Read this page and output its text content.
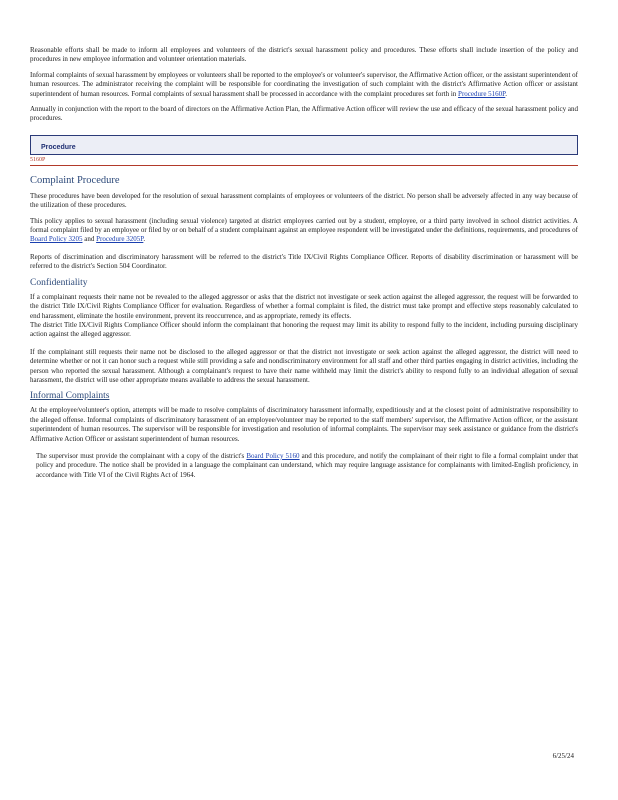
Reasonable efforts shall be made to inform all employees and volunteers of the district's sexual harassment policy and procedures. These efforts shall include insertion of the policy and procedures in new employee information and volunteer orientation materials.

Informal complaints of sexual harassment by employees or volunteers shall be reported to the employee's or volunteer's supervisor, the Affirmative Action officer, or the assistant superintendent of human resources. The administrator receiving the complaint will be responsible for coordinating the investigation of such complaint with the district's Affirmative Action officer or assistant superintendent of human resources. Formal complaints of sexual harassment shall be processed in accordance with the complaint procedures set forth in Procedure 5160P.

Annually in conjunction with the report to the board of directors on the Affirmative Action Plan, the Affirmative Action officer will review the use and efficacy of the sexual harassment policy and procedures.

Procedure
5160P
Complaint Procedure

These procedures have been developed for the resolution of sexual harassment complaints of employees or volunteers of the district. No person shall be adversely affected in any way because of the utilization of these procedures.

This policy applies to sexual harassment (including sexual violence) targeted at district employees carried out by a student, employee, or a third party involved in school district activities. A formal complaint filed by an employee or filed by or on behalf of a student complainant against an employee respondent will be investigated under the definitions, requirements, and procedures of Board Policy 3205 and Procedure 3205P.

Reports of discrimination and discriminatory harassment will be referred to the district's Title IX/Civil Rights Compliance Officer. Reports of disability discrimination or harassment will be referred to the district's Section 504 Coordinator.

Confidentiality

If a complainant requests their name not be revealed to the alleged aggressor or asks that the district not investigate or seek action against the alleged aggressor, the request will be forwarded to the district Title IX/Civil Rights Compliance Officer for evaluation. Regardless of whether a formal complaint is filed, the district must take prompt and effective steps reasonably calculated to end harassment, eliminate the hostile environment, prevent its reoccurrence, and as appropriate, remedy its effects.

The district Title IX/Civil Rights Compliance Officer should inform the complainant that honoring the request may limit its ability to respond fully to the incident, including pursuing disciplinary action against the alleged aggressor.

If the complainant still requests their name not be disclosed to the alleged aggressor or that the district not investigate or seek action against the alleged aggressor, the district will need to determine whether or not it can honor such a request while still providing a safe and nondiscriminatory environment for all staff and other third parties engaging in district activities, including the person who reported the sexual harassment. Although a complainant's request to have their name withheld may limit the district's ability to respond fully to an individual allegation of sexual harassment, the district will use other appropriate means available to address the sexual harassment.

Informal Complaints

At the employee/volunteer's option, attempts will be made to resolve complaints of discriminatory harassment informally, expeditiously and at the closest point of administrative responsibility to the alleged offense. Informal complaints of discriminatory harassment of an employee/volunteer may be reported to the staff members' supervisor, the Affirmative Action officer, or the assistant superintendent of human resources. The supervisor will be responsible for investigation and resolution of informal complaints. The supervisor may seek assistance or guidance from the district's Affirmative Action Officer or assistant superintendent of human resources.

The supervisor must provide the complainant with a copy of the district's Board Policy 5160 and this procedure, and notify the complainant of their right to file a formal complaint under that policy and procedure. The notice shall be provided in a language the complainant can understand, which may require language assistance for complainants with limited-English proficiency, in accordance with Title VI of the Civil Rights Act of 1964.

6/25/24
